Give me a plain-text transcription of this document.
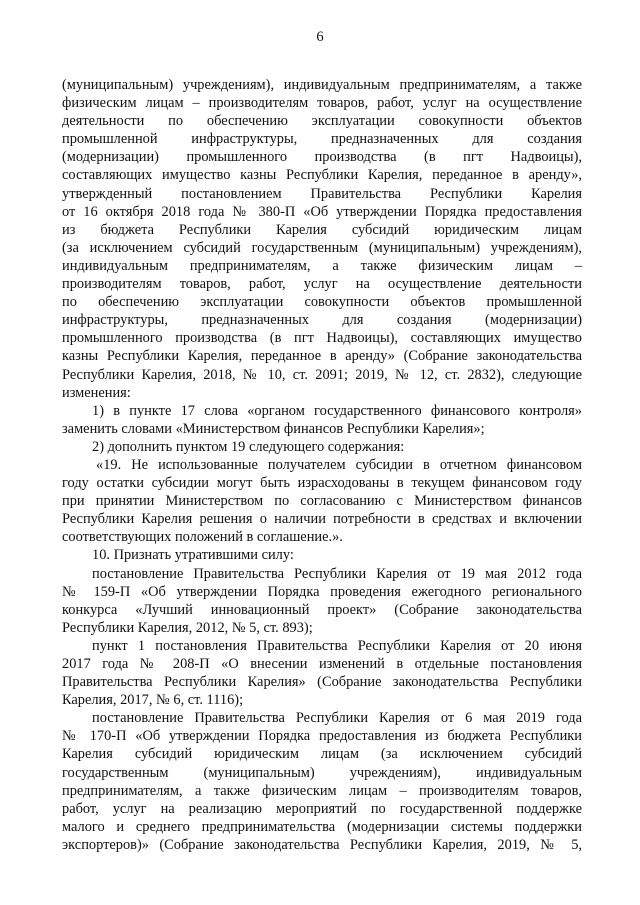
6
(муниципальным) учреждениям), индивидуальным предпринимателям, а также
физическим лицам – производителям товаров, работ, услуг на осуществление
деятельности по обеспечению эксплуатации совокупности объектов
промышленной инфраструктуры, предназначенных для создания
(модернизации) промышленного производства (в пгт Надвоицы),
составляющих имущество казны Республики Карелия, переданное в аренду»,
утвержденный постановлением Правительства Республики Карелия
от 16 октября 2018 года № 380-П «Об утверждении Порядка предоставления
из бюджета Республики Карелия субсидий юридическим лицам
(за исключением субсидий государственным (муниципальным) учреждениям),
индивидуальным предпринимателям, а также физическим лицам –
производителям товаров, работ, услуг на осуществление деятельности
по обеспечению эксплуатации совокупности объектов промышленной
инфраструктуры, предназначенных для создания (модернизации)
промышленного производства (в пгт Надвоицы), составляющих имущество
казны Республики Карелия, переданное в аренду» (Собрание законодательства
Республики Карелия, 2018, № 10, ст. 2091; 2019, № 12, ст. 2832), следующие
изменения:
1) в пункте 17 слова «органом государственного финансового контроля»
заменить словами «Министерством финансов Республики Карелия»;
2) дополнить пунктом 19 следующего содержания:
«19. Не использованные получателем субсидии в отчетном финансовом
году остатки субсидии могут быть израсходованы в текущем финансовом году
при принятии Министерством по согласованию с Министерством финансов
Республики Карелия решения о наличии потребности в средствах и включении
соответствующих положений в соглашение.».
10. Признать утратившими силу:
постановление Правительства Республики Карелия от 19 мая 2012 года
№ 159-П «Об утверждении Порядка проведения ежегодного регионального
конкурса «Лучший инновационный проект» (Собрание законодательства
Республики Карелия, 2012, № 5, ст. 893);
пункт 1 постановления Правительства Республики Карелия от 20 июня
2017 года № 208-П «О внесении изменений в отдельные постановления
Правительства Республики Карелия» (Собрание законодательства Республики
Карелия, 2017, № 6, ст. 1116);
постановление Правительства Республики Карелия от 6 мая 2019 года
№ 170-П «Об утверждении Порядка предоставления из бюджета Республики
Карелия субсидий юридическим лицам (за исключением субсидий
государственным (муниципальным) учреждениям), индивидуальным
предпринимателям, а также физическим лицам – производителям товаров,
работ, услуг на реализацию мероприятий по государственной поддержке
малого и среднего предпринимательства (модернизации системы поддержки
экспортеров)» (Собрание законодательства Республики Карелия, 2019, № 5,
